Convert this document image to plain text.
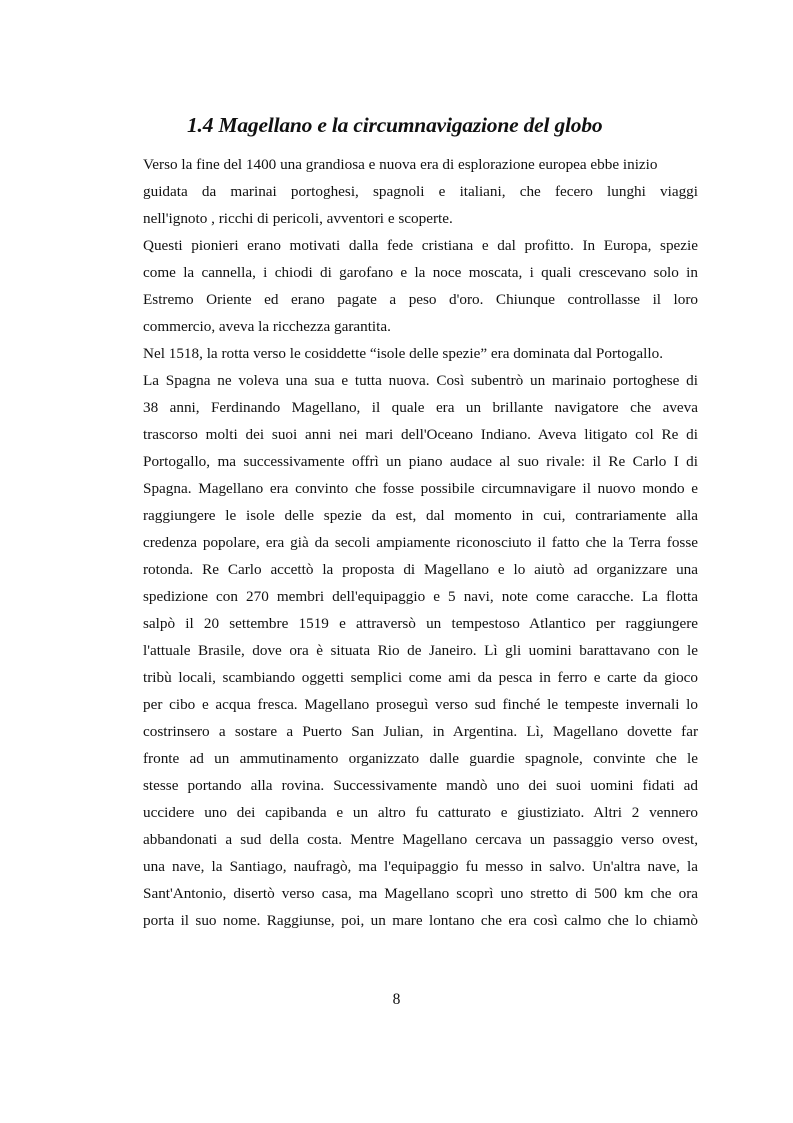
1.4 Magellano e la circumnavigazione del globo
Verso la fine del 1400 una grandiosa e nuova era di esplorazione europea ebbe inizio
guidata da marinai portoghesi, spagnoli e italiani, che fecero lunghi viaggi
nell'ignoto , ricchi di pericoli, avventori e scoperte.
Questi pionieri erano motivati dalla fede cristiana e dal profitto. In Europa, spezie
come la cannella, i chiodi di garofano e la noce moscata, i quali crescevano solo in
Estremo Oriente ed erano pagate a peso d'oro. Chiunque controllasse il loro
commercio, aveva la ricchezza garantita.
Nel 1518, la rotta verso le cosiddette “isole delle spezie” era dominata dal Portogallo.
La Spagna ne voleva una sua e tutta nuova. Così subentrò un marinaio portoghese di
38 anni, Ferdinando Magellano, il quale era un brillante navigatore che aveva
trascorso molti dei suoi anni nei mari dell'Oceano Indiano. Aveva litigato col Re di
Portogallo, ma successivamente offrì un piano audace al suo rivale: il Re Carlo I di
Spagna. Magellano era convinto che fosse possibile circumnavigare il nuovo mondo e
raggiungere le isole delle spezie da est, dal momento in cui, contrariamente alla
credenza popolare, era già da secoli ampiamente riconosciuto il fatto che la Terra fosse
rotonda. Re Carlo accettò la proposta di Magellano e lo aiutò ad organizzare una
spedizione con 270 membri dell'equipaggio e 5 navi, note come caracche. La flotta
salpò il 20 settembre 1519 e attraversò un tempestoso Atlantico per raggiungere
l'attuale Brasile, dove ora è situata Rio de Janeiro. Lì gli uomini barattavano con le
tribù locali, scambiando oggetti semplici come ami da pesca in ferro e carte da gioco
per cibo e acqua fresca. Magellano proseguì verso sud finché le tempeste invernali lo
costrinsero a sostare a Puerto San Julian, in Argentina. Lì, Magellano dovette far
fronte ad un ammutinamento organizzato dalle guardie spagnole, convinte che le
stesse portando alla rovina. Successivamente mandò uno dei suoi uomini fidati ad
uccidere uno dei capibanda e un altro fu catturato e giustiziato. Altri 2 vennero
abbandonati a sud della costa. Mentre Magellano cercava un passaggio verso ovest,
una nave, la Santiago, naufragò, ma l'equipaggio fu messo in salvo. Un'altra nave, la
Sant'Antonio, disertò verso casa, ma Magellano scoprì uno stretto di 500 km che ora
porta il suo nome. Raggiunse, poi, un mare lontano che era così calmo che lo chiamò
8
